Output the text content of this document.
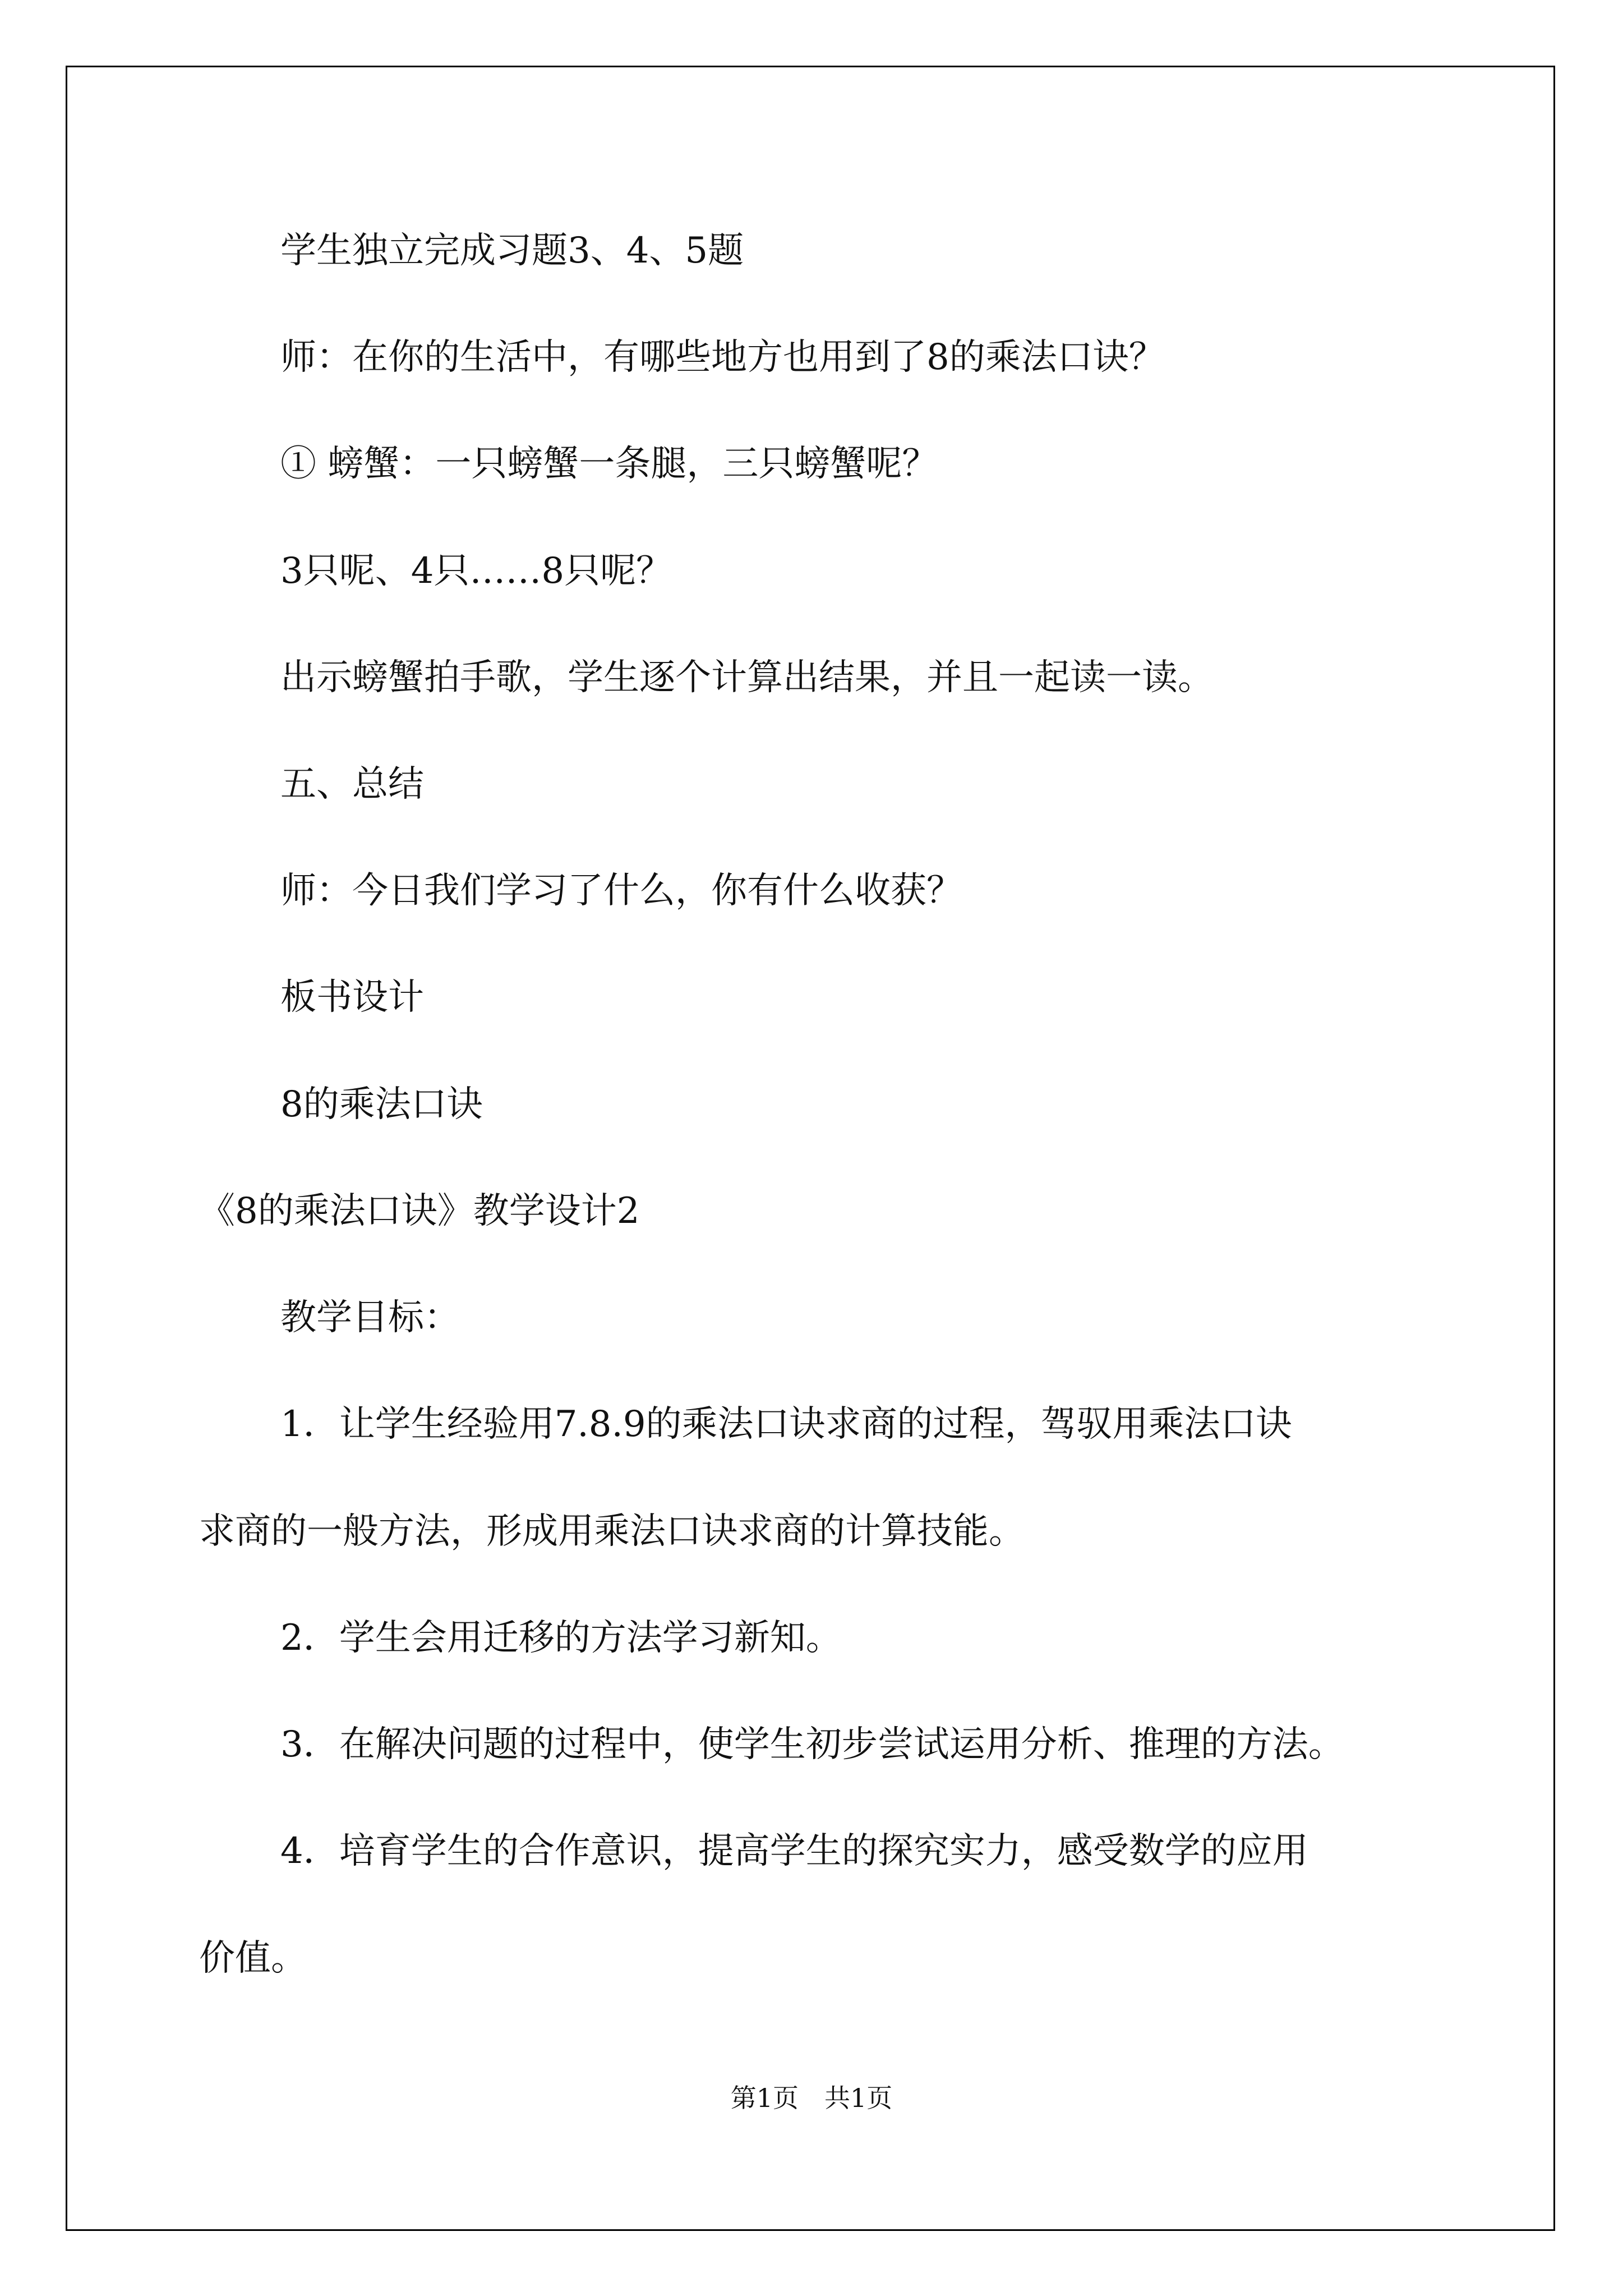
学生独立完成习题3、4、5题

师：在你的生活中，有哪些地方也用到了8的乘法口诀？

① 螃蟹：一只螃蟹一条腿，三只螃蟹呢？

3只呢、4只……8只呢？

出示螃蟹拍手歌，学生逐个计算出结果，并且一起读一读。

五、总结

师：今日我们学习了什么，你有什么收获？

板书设计

8的乘法口诀

《8的乘法口诀》教学设计2

教学目标：

1．让学生经验用7.8.9的乘法口诀求商的过程，驾驭用乘法口诀

求商的一般方法，形成用乘法口诀求商的计算技能。

2．学生会用迁移的方法学习新知。

3．在解决问题的过程中，使学生初步尝试运用分析、推理的方法。

4．培育学生的合作意识，提高学生的探究实力，感受数学的应用

价值。

第1页　共1页
